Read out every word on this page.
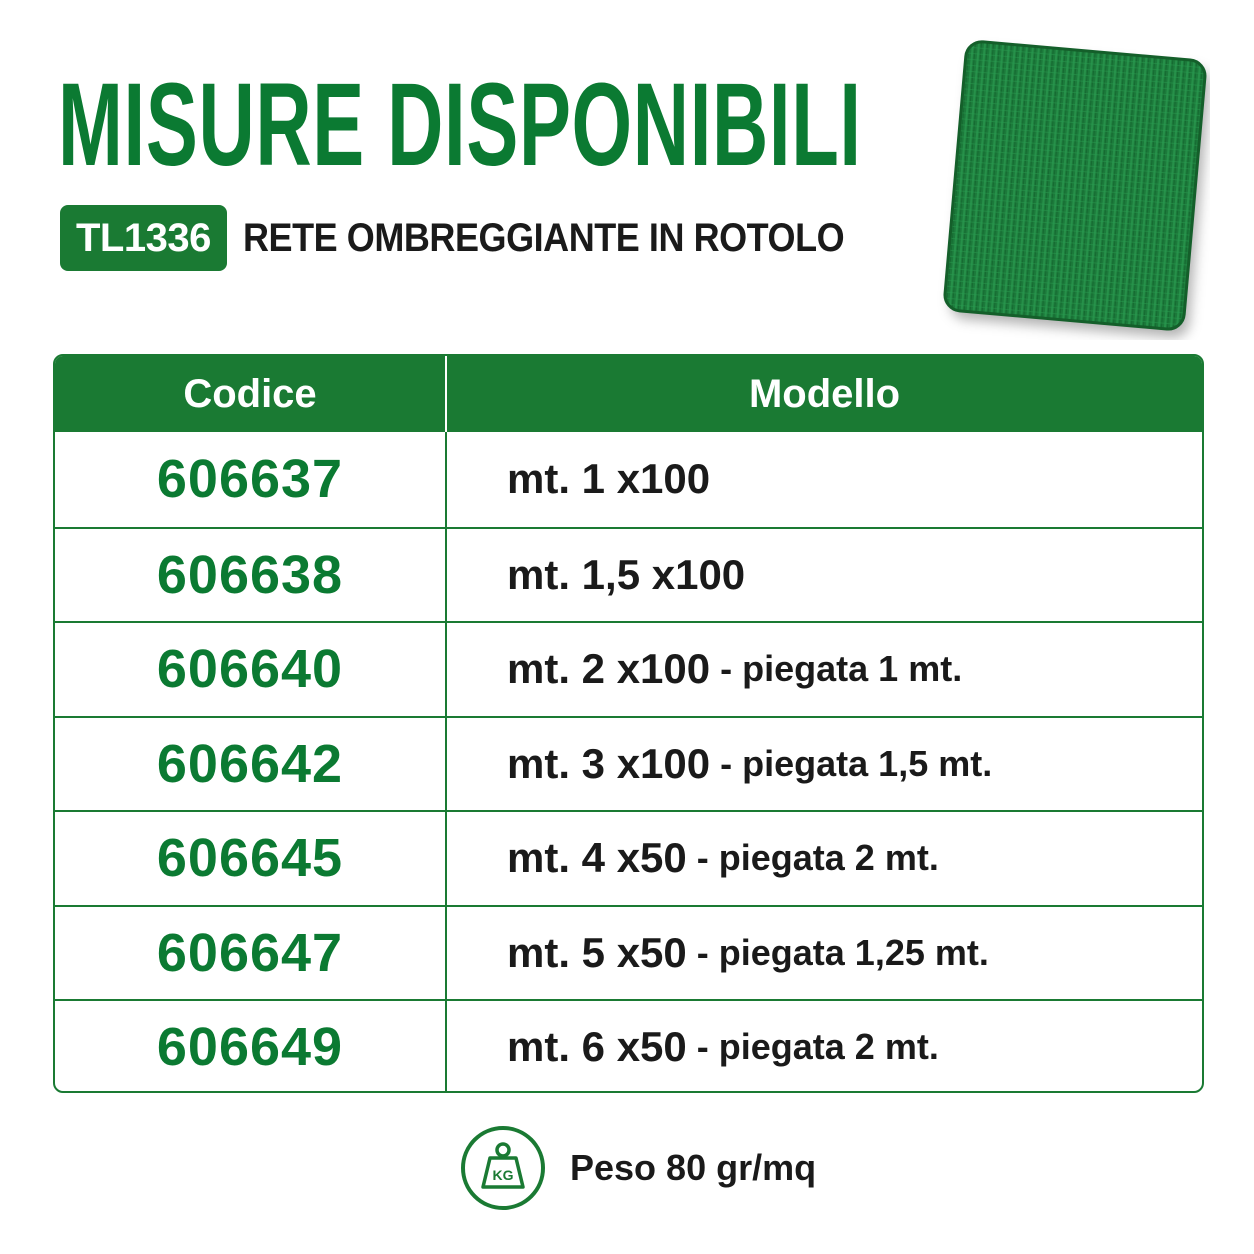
MISURE DISPONIBILI
TL1336 RETE OMBREGGIANTE IN ROTOLO
Codice	Modello
606637	mt. 1 x100
606638	mt. 1,5 x100
606640	mt. 2 x100 - piegata 1 mt.
606642	mt. 3 x100 - piegata 1,5 mt.
606645	mt. 4 x50 - piegata 2 mt.
606647	mt. 5 x50 - piegata 1,25 mt.
606649	mt. 6 x50 - piegata 2 mt.
KG Peso 80 gr/mq
